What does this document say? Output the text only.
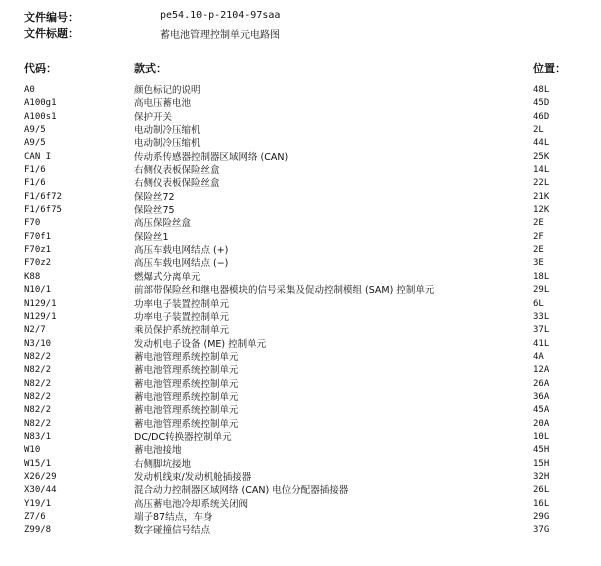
文件编号：	pe54.10-p-2104-97saa
文件标题：	蓄电池管理控制单元电路图
代码：	款式：	位置：
A0	颜色标记的说明	48L
A100g1	高电压蓄电池	45D
A100s1	保护开关	46D
A9/5	电动制冷压缩机	2L
A9/5	电动制冷压缩机	44L
CAN I	传动系传感器控制器区域网络 (CAN)	25K
F1/6	右侧仪表板保险丝盒	14L
F1/6	右侧仪表板保险丝盒	22L
F1/6f72	保险丝72	21K
F1/6f75	保险丝75	12K
F70	高压保险丝盒	2E
F70f1	保险丝1	2F
F70z1	高压车载电网结点 (+)	2E
F70z2	高压车载电网结点 (−)	3E
K88	燃爆式分离单元	18L
N10/1	前部带保险丝和继电器模块的信号采集及促动控制模组 (SAM) 控制单元	29L
N129/1	功率电子装置控制单元	6L
N129/1	功率电子装置控制单元	33L
N2/7	乘员保护系统控制单元	37L
N3/10	发动机电子设备 (ME) 控制单元	41L
N82/2	蓄电池管理系统控制单元	4A
N82/2	蓄电池管理系统控制单元	12A
N82/2	蓄电池管理系统控制单元	26A
N82/2	蓄电池管理系统控制单元	36A
N82/2	蓄电池管理系统控制单元	45A
N82/2	蓄电池管理系统控制单元	20A
N83/1	DC/DC转换器控制单元	10L
W10	蓄电池接地	45H
W15/1	右侧脚坑接地	15H
X26/29	发动机线束/发动机舱插接器	32H
X30/44	混合动力控制器区域网络 (CAN) 电位分配器插接器	26L
Y19/1	高压蓄电池冷却系统关闭阀	16L
Z7/6	端子87结点，车身	29G
Z99/8	数字碰撞信号结点	37G
